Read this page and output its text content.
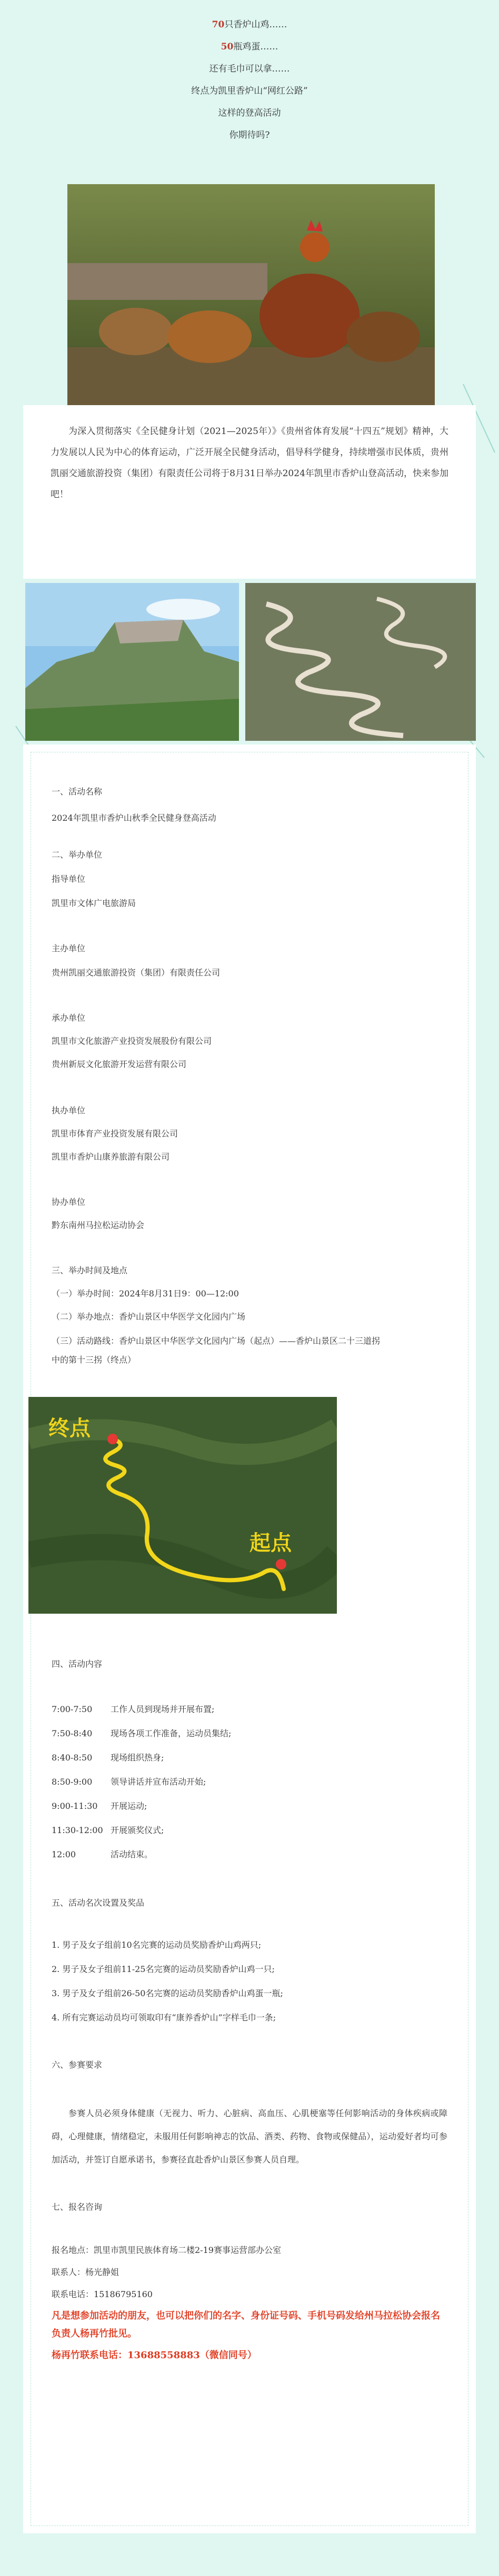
70只香炉山鸡……

50瓶鸡蛋……

还有毛巾可以拿……

终点为凯里香炉山“网红公路”

这样的登高活动

你期待吗?

为深入贯彻落实《全民健身计划（2021—2025年）》《贵州省体育发展“十四五”规划》精神，大力发展以人民为中心的体育运动，广泛开展全民健身活动，倡导科学健身，持续增强市民体质，贵州凯丽交通旅游投资（集团）有限责任公司将于8月31日举办2024年凯里市香炉山登高活动，快来参加吧！

一、活动名称
2024年凯里市香炉山秋季全民健身登高活动
二、举办单位
指导单位
凯里市文体广电旅游局
主办单位
贵州凯丽交通旅游投资（集团）有限责任公司
承办单位
凯里市文化旅游产业投资发展股份有限公司
贵州新辰文化旅游开发运营有限公司
执办单位
凯里市体育产业投资发展有限公司
凯里市香炉山康养旅游有限公司
协办单位
黔东南州马拉松运动协会
三、举办时间及地点
（一）举办时间：2024年8月31日9：00—12:00
（二）举办地点：香炉山景区中华医学文化园内广场
（三）活动路线：香炉山景区中华医学文化园内广场（起点）——香炉山景区二十三道拐
中的第十三拐（终点）
终点
起点
四、活动内容
7:00-7:50 工作人员到现场并开展布置;
7:50-8:40 现场各项工作准备，运动员集结;
8:40-8:50 现场组织热身;
8:50-9:00 领导讲话并宣布活动开始;
9:00-11:30 开展运动;
11:30-12:00 开展颁奖仪式;
12:00	活动结束。
五、活动名次设置及奖品
1. 男子及女子组前10名完赛的运动员奖励香炉山鸡两只;
2. 男子及女子组前11-25名完赛的运动员奖励香炉山鸡一只;
3. 男子及女子组前26-50名完赛的运动员奖励香炉山鸡蛋一瓶;
4. 所有完赛运动员均可领取印有“康养香炉山”字样毛巾一条;
六、参赛要求
参赛人员必须身体健康（无视力、听力、心脏病、高血压、心肌梗塞等任何影响活动的身体疾病或障碍，心理健康，情绪稳定，未服用任何影响神志的饮品、酒类、药物、食物或保健品），运动爱好者均可参加活动，并签订自愿承诺书，参赛径直赴香炉山景区参赛人员自理。
七、报名咨询
报名地点：凯里市凯里民族体育场二楼2-19赛事运营部办公室
联系人：杨光静姐
联系电话：15186795160
凡是想参加活动的朋友，也可以把你们的名字、身份证号码、手机号码发给州马拉松协会报名负责人杨再竹批见。
杨再竹联系电话：13688558883（微信同号）
